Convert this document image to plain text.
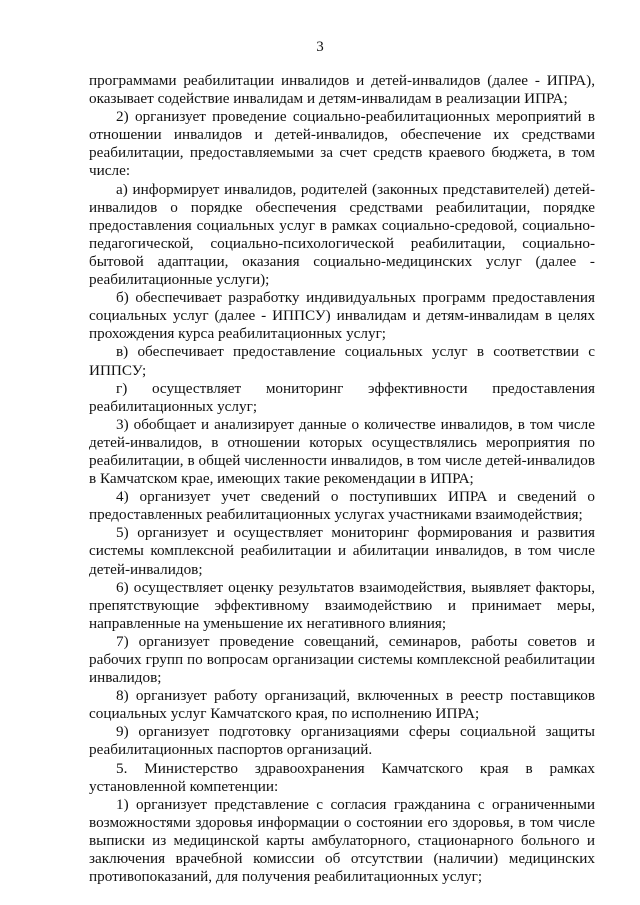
3

программами реабилитации инвалидов и детей-инвалидов (далее - ИПРА), оказывает содействие инвалидам и детям-инвалидам в реализации ИПРА;

2) организует проведение социально-реабилитационных мероприятий в отношении инвалидов и детей-инвалидов, обеспечение их средствами реабилитации, предоставляемыми за счет средств краевого бюджета, в том числе:

а) информирует инвалидов, родителей (законных представителей) детей-инвалидов о порядке обеспечения средствами реабилитации, порядке предоставления социальных услуг в рамках социально-средовой, социально-педагогической, социально-психологической реабилитации, социально-бытовой адаптации, оказания социально-медицинских услуг (далее - реабилитационные услуги);

б) обеспечивает разработку индивидуальных программ предоставления социальных услуг (далее - ИППСУ) инвалидам и детям-инвалидам в целях прохождения курса реабилитационных услуг;

в) обеспечивает предоставление социальных услуг в соответствии с ИППСУ;

г) осуществляет мониторинг эффективности предоставления реабилитационных услуг;

3) обобщает и анализирует данные о количестве инвалидов, в том числе детей-инвалидов, в отношении которых осуществлялись мероприятия по реабилитации, в общей численности инвалидов, в том числе детей-инвалидов в Камчатском крае, имеющих такие рекомендации в ИПРА;

4) организует учет сведений о поступивших ИПРА и сведений о предоставленных реабилитационных услугах участниками взаимодействия;

5) организует и осуществляет мониторинг формирования и развития системы комплексной реабилитации и абилитации инвалидов, в том числе детей-инвалидов;

6) осуществляет оценку результатов взаимодействия, выявляет факторы, препятствующие эффективному взаимодействию и принимает меры, направленные на уменьшение их негативного влияния;

7) организует проведение совещаний, семинаров, работы советов и рабочих групп по вопросам организации системы комплексной реабилитации инвалидов;

8) организует работу организаций, включенных в реестр поставщиков социальных услуг Камчатского края, по исполнению ИПРА;

9) организует подготовку организациями сферы социальной защиты реабилитационных паспортов организаций.

5. Министерство здравоохранения Камчатского края в рамках установленной компетенции:

1) организует представление с согласия гражданина с ограниченными возможностями здоровья информации о состоянии его здоровья, в том числе выписки из медицинской карты амбулаторного, стационарного больного и заключения врачебной комиссии об отсутствии (наличии) медицинских противопоказаний, для получения реабилитационных услуг;
